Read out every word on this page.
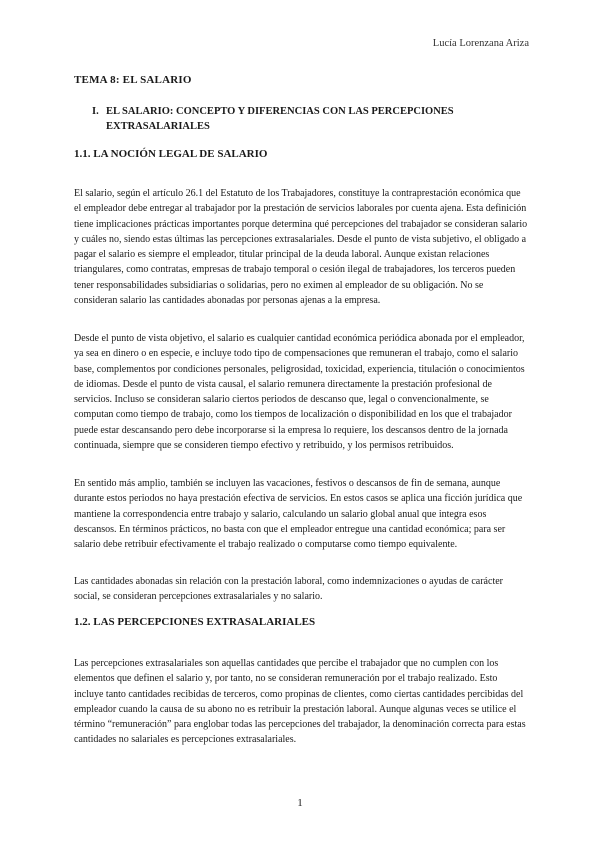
Lucía Lorenzana Ariza
TEMA 8: EL SALARIO
I. EL SALARIO: CONCEPTO Y DIFERENCIAS CON LAS PERCEPCIONES EXTRASALARIALES
1.1. LA NOCIÓN LEGAL DE SALARIO

El salario, según el artículo 26.1 del Estatuto de los Trabajadores, constituye la contraprestación económica que el empleador debe entregar al trabajador por la prestación de servicios laborales por cuenta ajena. Esta definición tiene implicaciones prácticas importantes porque determina qué percepciones del trabajador se consideran salario y cuáles no, siendo estas últimas las percepciones extrasalariales. Desde el punto de vista subjetivo, el obligado a pagar el salario es siempre el empleador, titular principal de la deuda laboral. Aunque existan relaciones triangulares, como contratas, empresas de trabajo temporal o cesión ilegal de trabajadores, los terceros pueden tener responsabilidades subsidiarias o solidarias, pero no eximen al empleador de su obligación. No se consideran salario las cantidades abonadas por personas ajenas a la empresa.

Desde el punto de vista objetivo, el salario es cualquier cantidad económica periódica abonada por el empleador, ya sea en dinero o en especie, e incluye todo tipo de compensaciones que remuneran el trabajo, como el salario base, complementos por condiciones personales, peligrosidad, toxicidad, experiencia, titulación o conocimientos de idiomas. Desde el punto de vista causal, el salario remunera directamente la prestación profesional de servicios. Incluso se consideran salario ciertos periodos de descanso que, legal o convencionalmente, se computan como tiempo de trabajo, como los tiempos de localización o disponibilidad en los que el trabajador puede estar descansando pero debe incorporarse si la empresa lo requiere, los descansos dentro de la jornada continuada, siempre que se consideren tiempo efectivo y retribuido, y los permisos retribuidos.

En sentido más amplio, también se incluyen las vacaciones, festivos o descansos de fin de semana, aunque durante estos periodos no haya prestación efectiva de servicios. En estos casos se aplica una ficción jurídica que mantiene la correspondencia entre trabajo y salario, calculando un salario global anual que integra esos descansos. En términos prácticos, no basta con que el empleador entregue una cantidad económica; para ser salario debe retribuir efectivamente el trabajo realizado o computarse como tiempo equivalente.

Las cantidades abonadas sin relación con la prestación laboral, como indemnizaciones o ayudas de carácter social, se consideran percepciones extrasalariales y no salario.

1.2. LAS PERCEPCIONES EXTRASALARIALES

Las percepciones extrasalariales son aquellas cantidades que percibe el trabajador que no cumplen con los elementos que definen el salario y, por tanto, no se consideran remuneración por el trabajo realizado. Esto incluye tanto cantidades recibidas de terceros, como propinas de clientes, como ciertas cantidades percibidas del empleador cuando la causa de su abono no es retribuir la prestación laboral. Aunque algunas veces se utilice el término “remuneración” para englobar todas las percepciones del trabajador, la denominación correcta para estas cantidades no salariales es percepciones extrasalariales.

1
